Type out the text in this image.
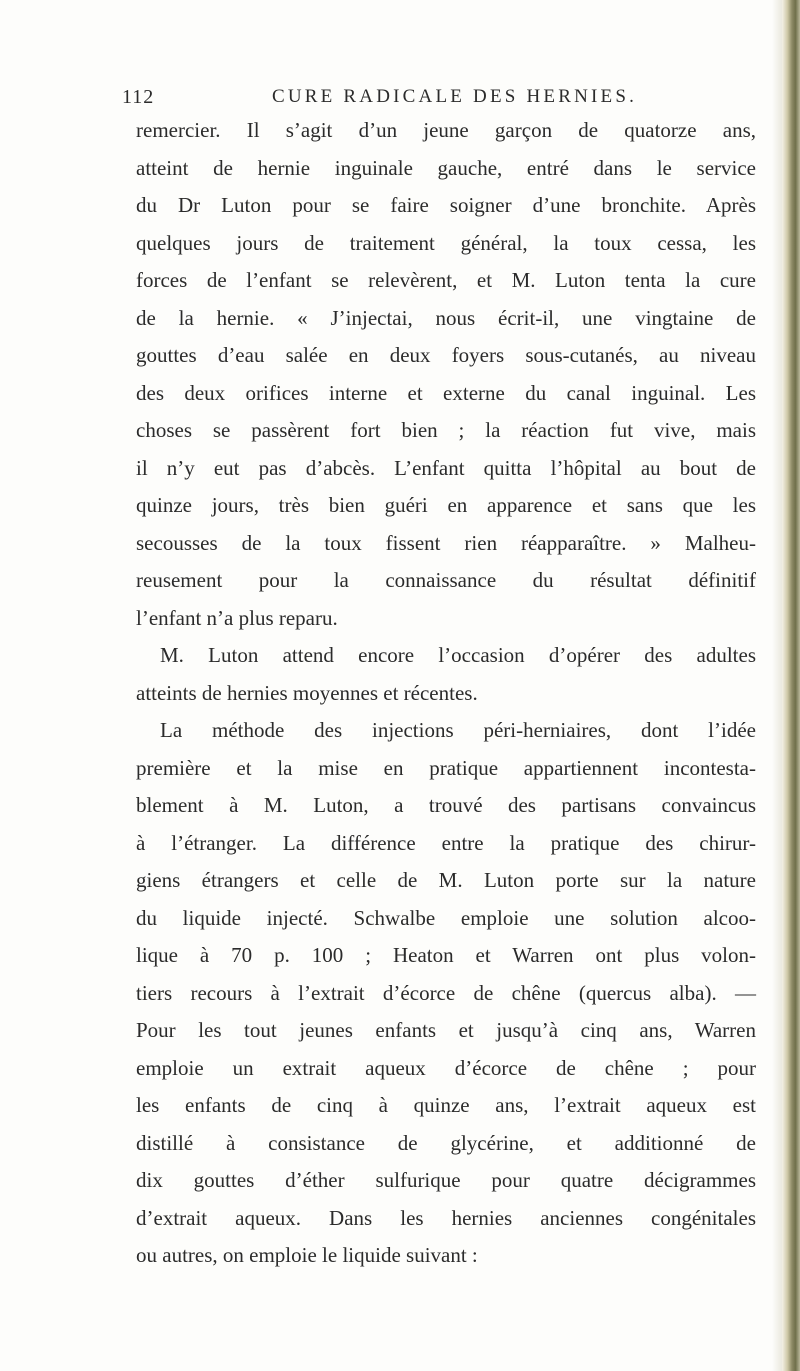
112	CURE RADICALE DES HERNIES.
remercier. Il s’agit d’un jeune garçon de quatorze ans,
atteint de hernie inguinale gauche, entré dans le service
du Dr Luton pour se faire soigner d’une bronchite. Après
quelques jours de traitement général, la toux cessa, les
forces de l’enfant se relevèrent, et M. Luton tenta la cure
de la hernie. « J’injectai, nous écrit-il, une vingtaine de
gouttes d’eau salée en deux foyers sous-cutanés, au niveau
des deux orifices interne et externe du canal inguinal. Les
choses se passèrent fort bien ; la réaction fut vive, mais
il n’y eut pas d’abcès. L’enfant quitta l’hôpital au bout de
quinze jours, très bien guéri en apparence et sans que les
secousses de la toux fissent rien réapparaître. » Malheu-
reusement pour la connaissance du résultat définitif
l’enfant n’a plus reparu.
M. Luton attend encore l’occasion d’opérer des adultes
atteints de hernies moyennes et récentes.
La méthode des injections péri-herniaires, dont l’idée
première et la mise en pratique appartiennent incontesta-
blement à M. Luton, a trouvé des partisans convaincus
à l’étranger. La différence entre la pratique des chirur-
giens étrangers et celle de M. Luton porte sur la nature
du liquide injecté. Schwalbe emploie une solution alcoo-
lique à 70 p. 100 ; Heaton et Warren ont plus volon-
tiers recours à l’extrait d’écorce de chêne (quercus alba). —
Pour les tout jeunes enfants et jusqu’à cinq ans, Warren
emploie un extrait aqueux d’écorce de chêne ; pour
les enfants de cinq à quinze ans, l’extrait aqueux est
distillé à consistance de glycérine, et additionné de
dix gouttes d’éther sulfurique pour quatre décigrammes
d’extrait aqueux. Dans les hernies anciennes congénitales
ou autres, on emploie le liquide suivant :
